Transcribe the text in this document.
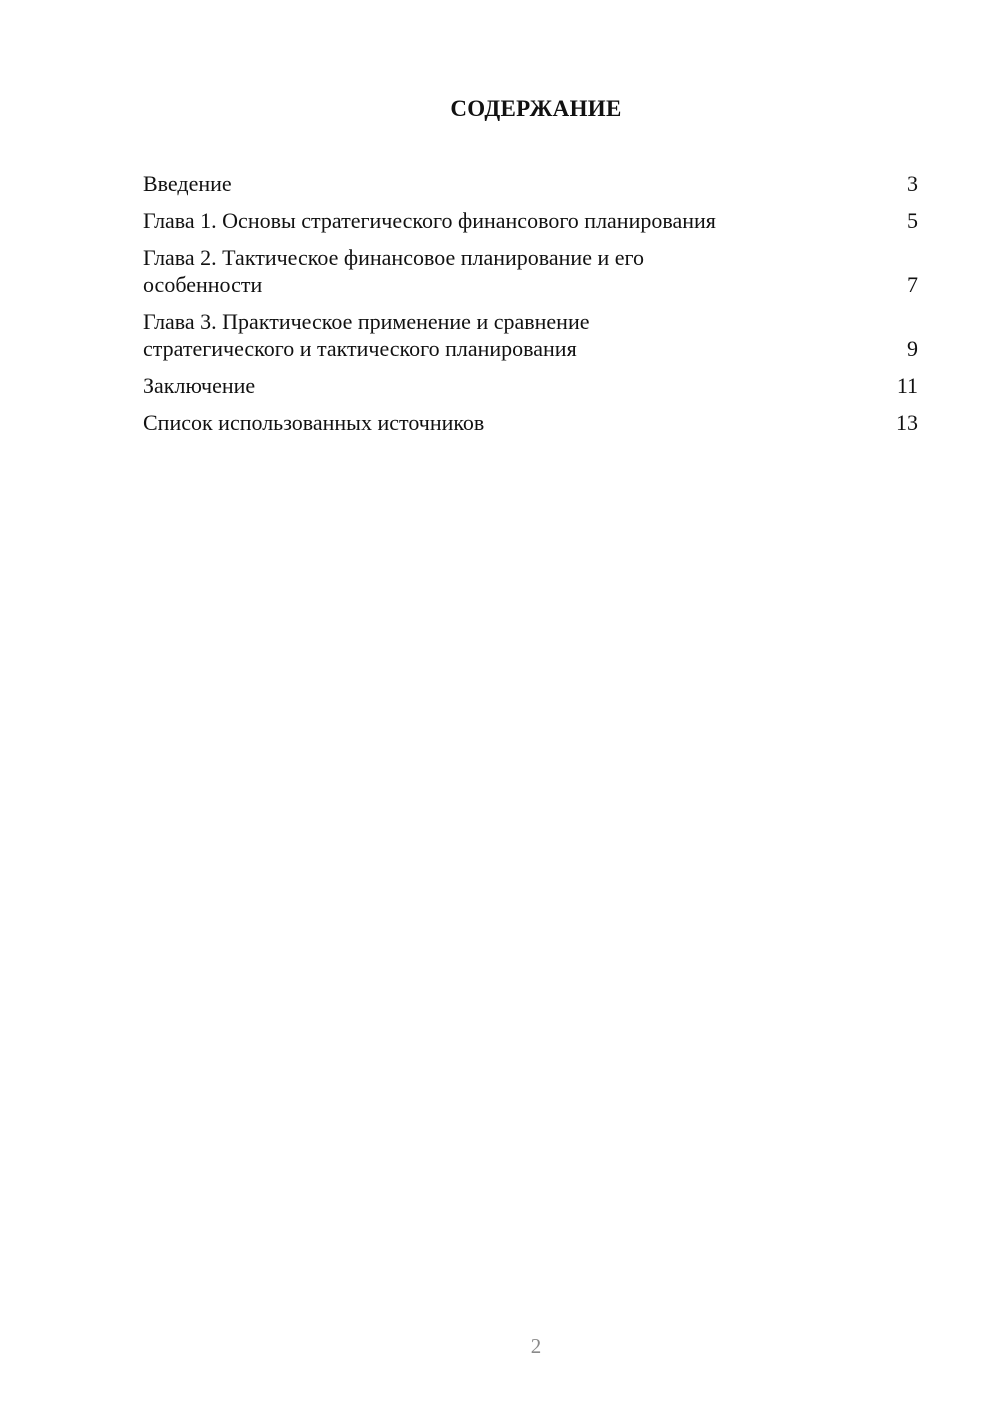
СОДЕРЖАНИЕ
Введение	3
Глава 1. Основы стратегического финансового планирования	5
Глава 2. Тактическое финансовое планирование и его
особенности	7
Глава 3. Практическое применение и сравнение
стратегического и тактического планирования	9
Заключение	11
Список использованных источников	13
2
